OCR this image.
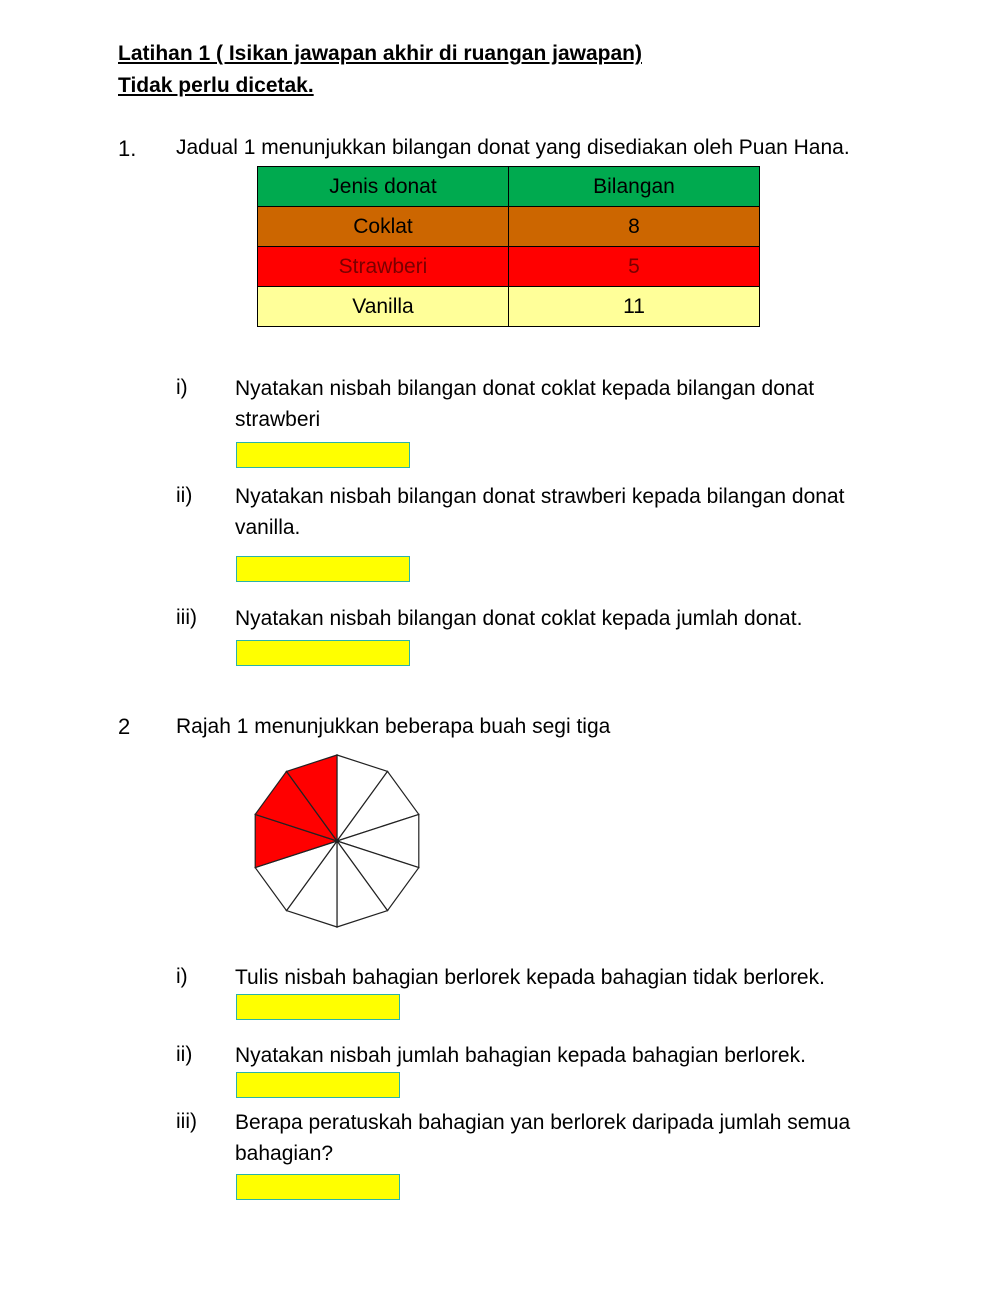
Latihan 1 ( Isikan jawapan akhir di ruangan jawapan)
Tidak perlu dicetak.
1. Jadual 1 menunjukkan bilangan donat yang disediakan oleh Puan Hana.
Jenis donat	Bilangan
Coklat	8
Strawberi	5
Vanilla	11
i) Nyatakan nisbah bilangan donat coklat kepada bilangan donat
strawberi
ii) Nyatakan nisbah bilangan donat strawberi kepada bilangan donat
vanilla.
iii) Nyatakan nisbah bilangan donat coklat kepada jumlah donat.
2 Rajah 1 menunjukkan beberapa buah segi tiga
i) Tulis nisbah bahagian berlorek kepada bahagian tidak berlorek.
ii) Nyatakan nisbah jumlah bahagian kepada bahagian berlorek.
iii) Berapa peratuskah bahagian yan berlorek daripada jumlah semua
bahagian?
